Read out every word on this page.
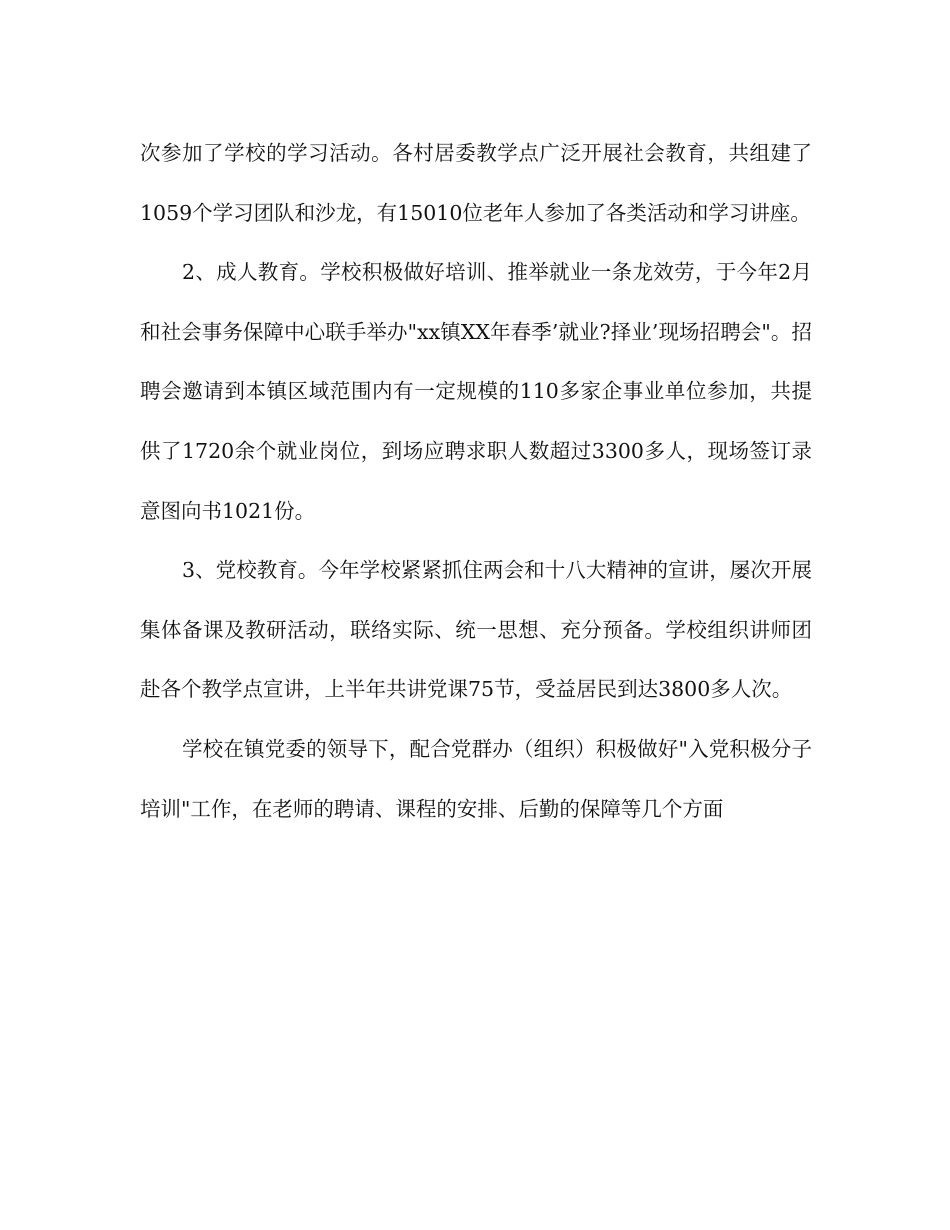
次参加了学校的学习活动。各村居委教学点广泛开展社会教育，共组建了1059个学习团队和沙龙，有15010位老年人参加了各类活动和学习讲座。

2、成人教育。学校积极做好培训、推举就业一条龙效劳，于今年2月和社会事务保障中心联手举办"xx镇XX年春季’就业?择业’现场招聘会"。招聘会邀请到本镇区域范围内有一定规模的110多家企事业单位参加，共提供了1720余个就业岗位，到场应聘求职人数超过3300多人，现场签订录意图向书1021份。

3、党校教育。今年学校紧紧抓住两会和十八大精神的宣讲，屡次开展集体备课及教研活动，联络实际、统一思想、充分预备。学校组织讲师团赴各个教学点宣讲，上半年共讲党课75节，受益居民到达3800多人次。

学校在镇党委的领导下，配合党群办（组织）积极做好"入党积极分子培训"工作，在老师的聘请、课程的安排、后勤的保障等几个方面
